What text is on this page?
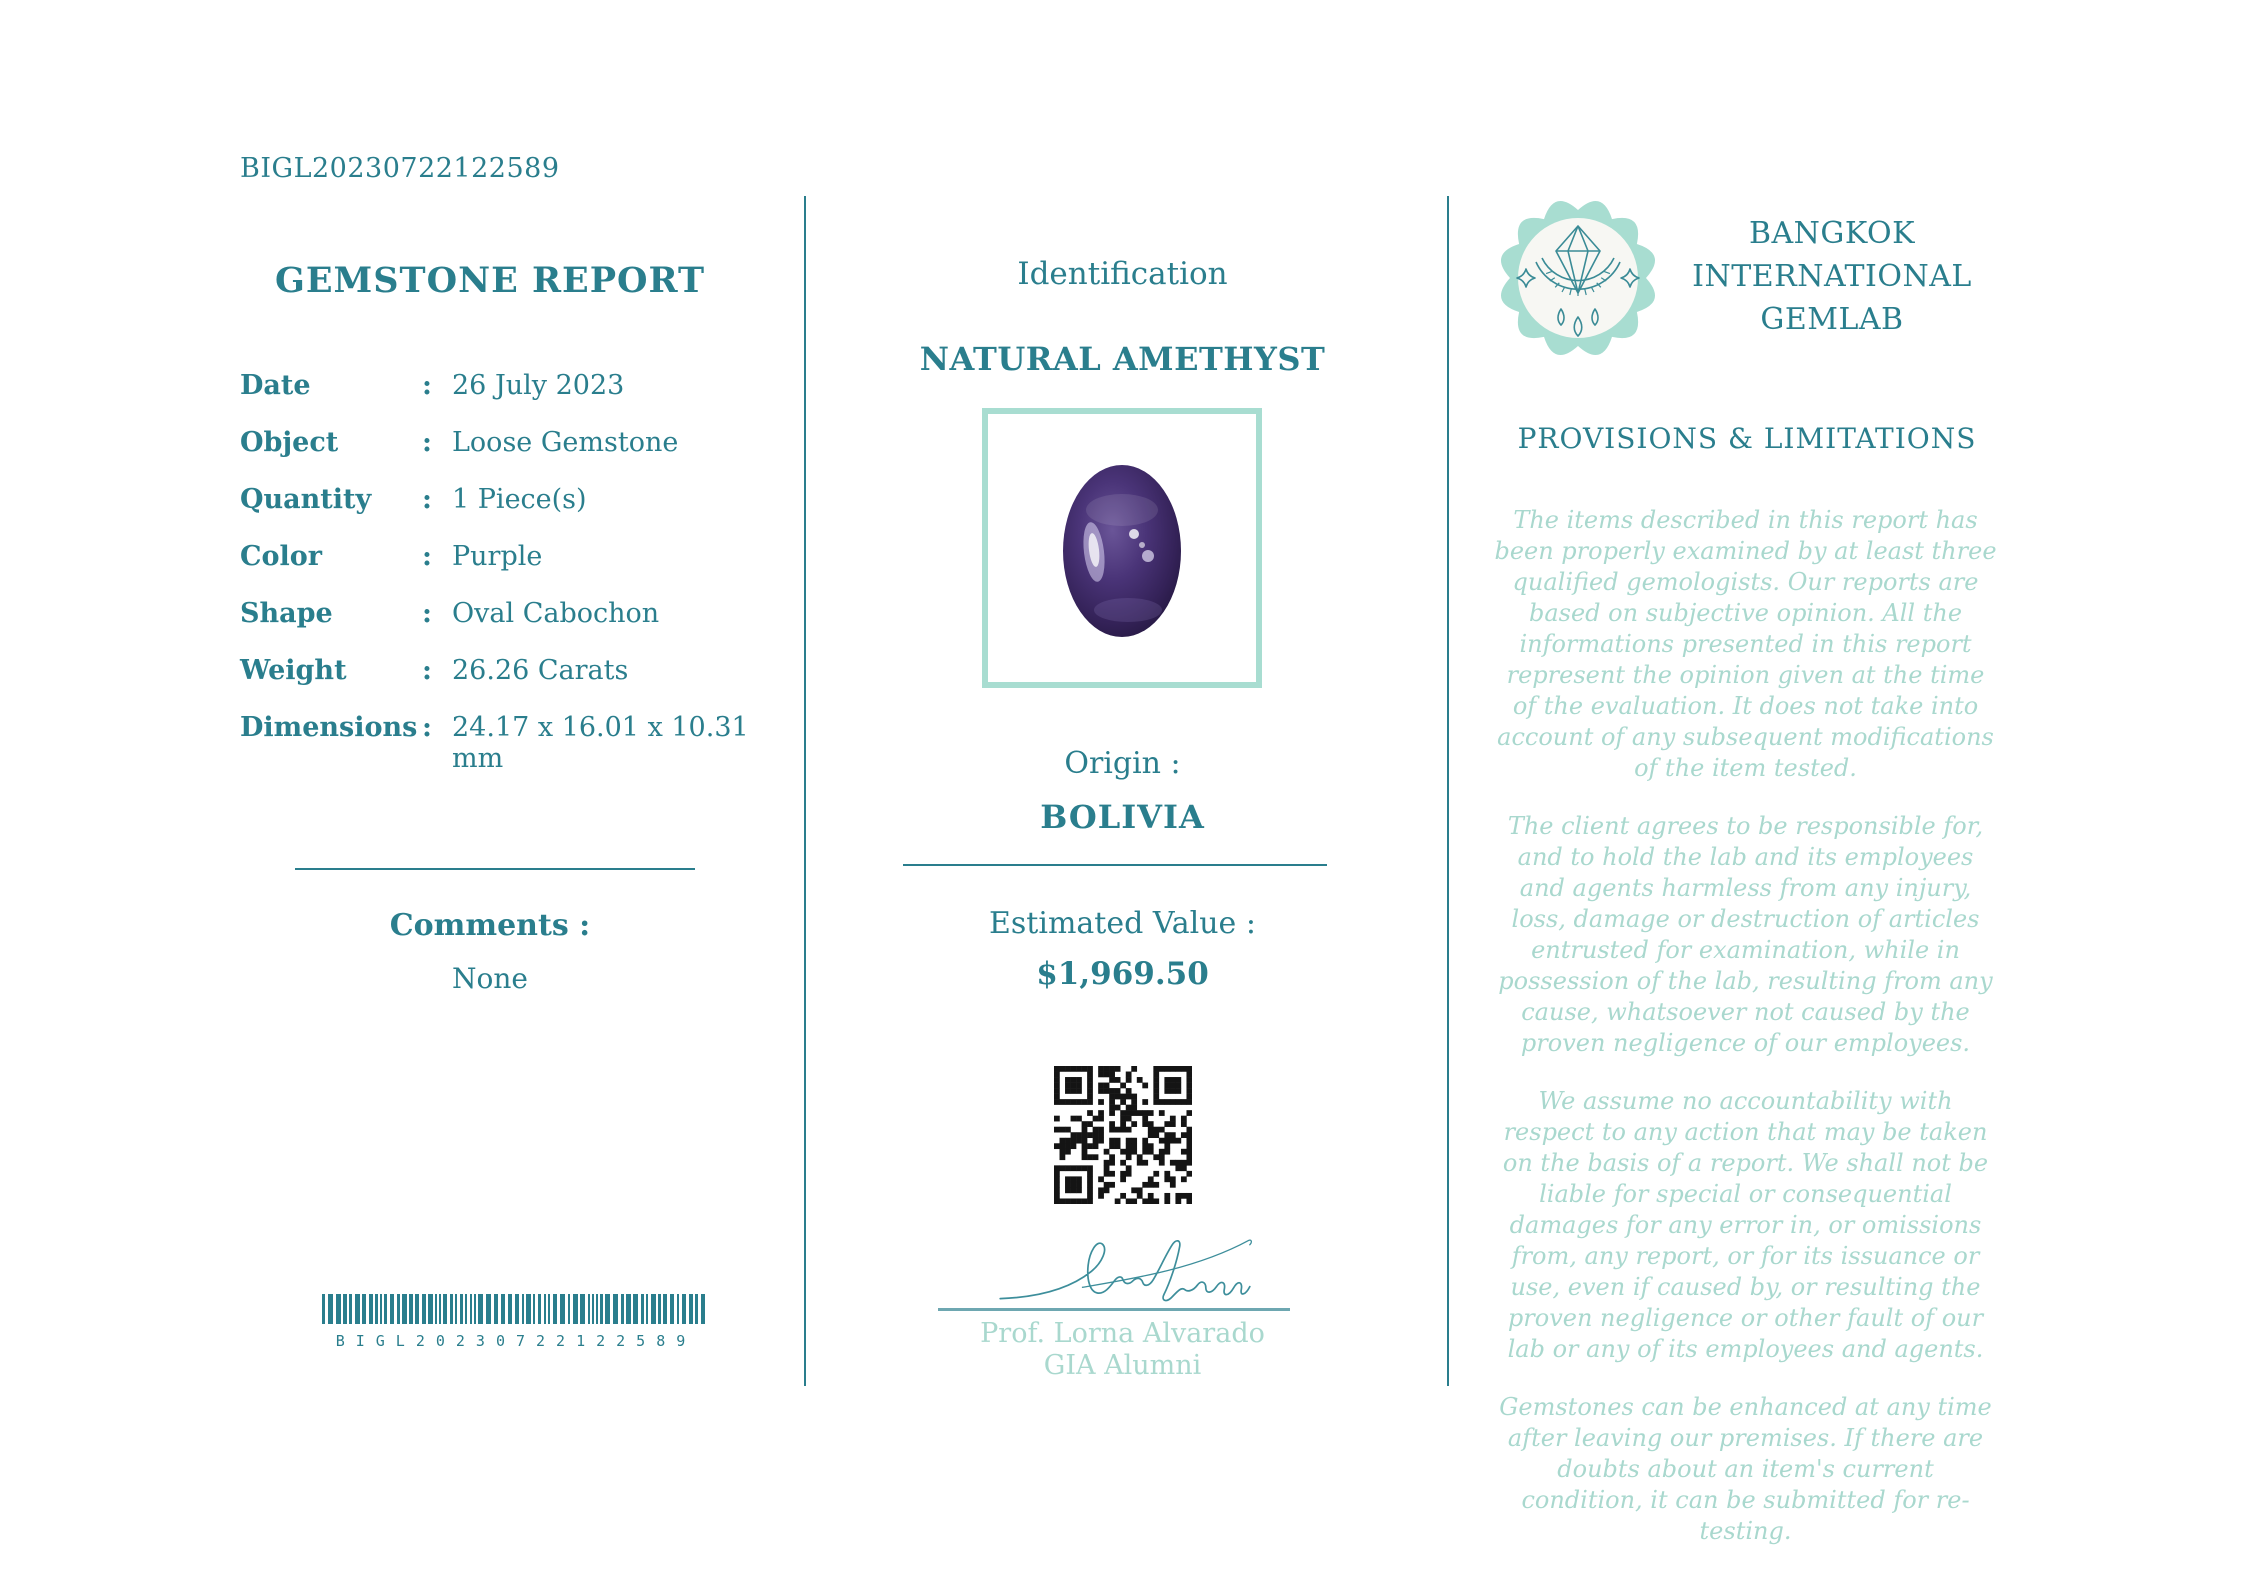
BIGL20230722122589
GEMSTONE REPORT
Date	: 26 July 2023
Object	: Loose Gemstone
Quantity	: 1 Piece(s)
Color	: Purple
Shape	: Oval Cabochon
Weight	: 26.26 Carats
Dimensions : 24.17 x 16.01 x 10.31 mm
Comments :
None
BIGL20230722122589
Identification
NATURAL AMETHYST
Origin :
BOLIVIA
Estimated Value :
$1,969.50
Prof. Lorna Alvarado
GIA Alumni
BANGKOK
INTERNATIONAL
GEMLAB
PROVISIONS & LIMITATIONS

The items described in this report has been properly examined by at least three qualified gemologists. Our reports are based on subjective opinion. All the informations presented in this report represent the opinion given at the time of the evaluation. It does not take into account of any subsequent modifications of the item tested.

The client agrees to be responsible for, and to hold the lab and its employees and agents harmless from any injury, loss, damage or destruction of articles entrusted for examination, while in possession of the lab, resulting from any cause, whatsoever not caused by the proven negligence of our employees.

We assume no accountability with respect to any action that may be taken on the basis of a report. We shall not be liable for special or consequential damages for any error in, or omissions from, any report, or for its issuance or use, even if caused by, or resulting the proven negligence or other fault of our lab or any of its employees and agents.

Gemstones can be enhanced at any time after leaving our premises. If there are doubts about an item's current condition, it can be submitted for re-testing.
